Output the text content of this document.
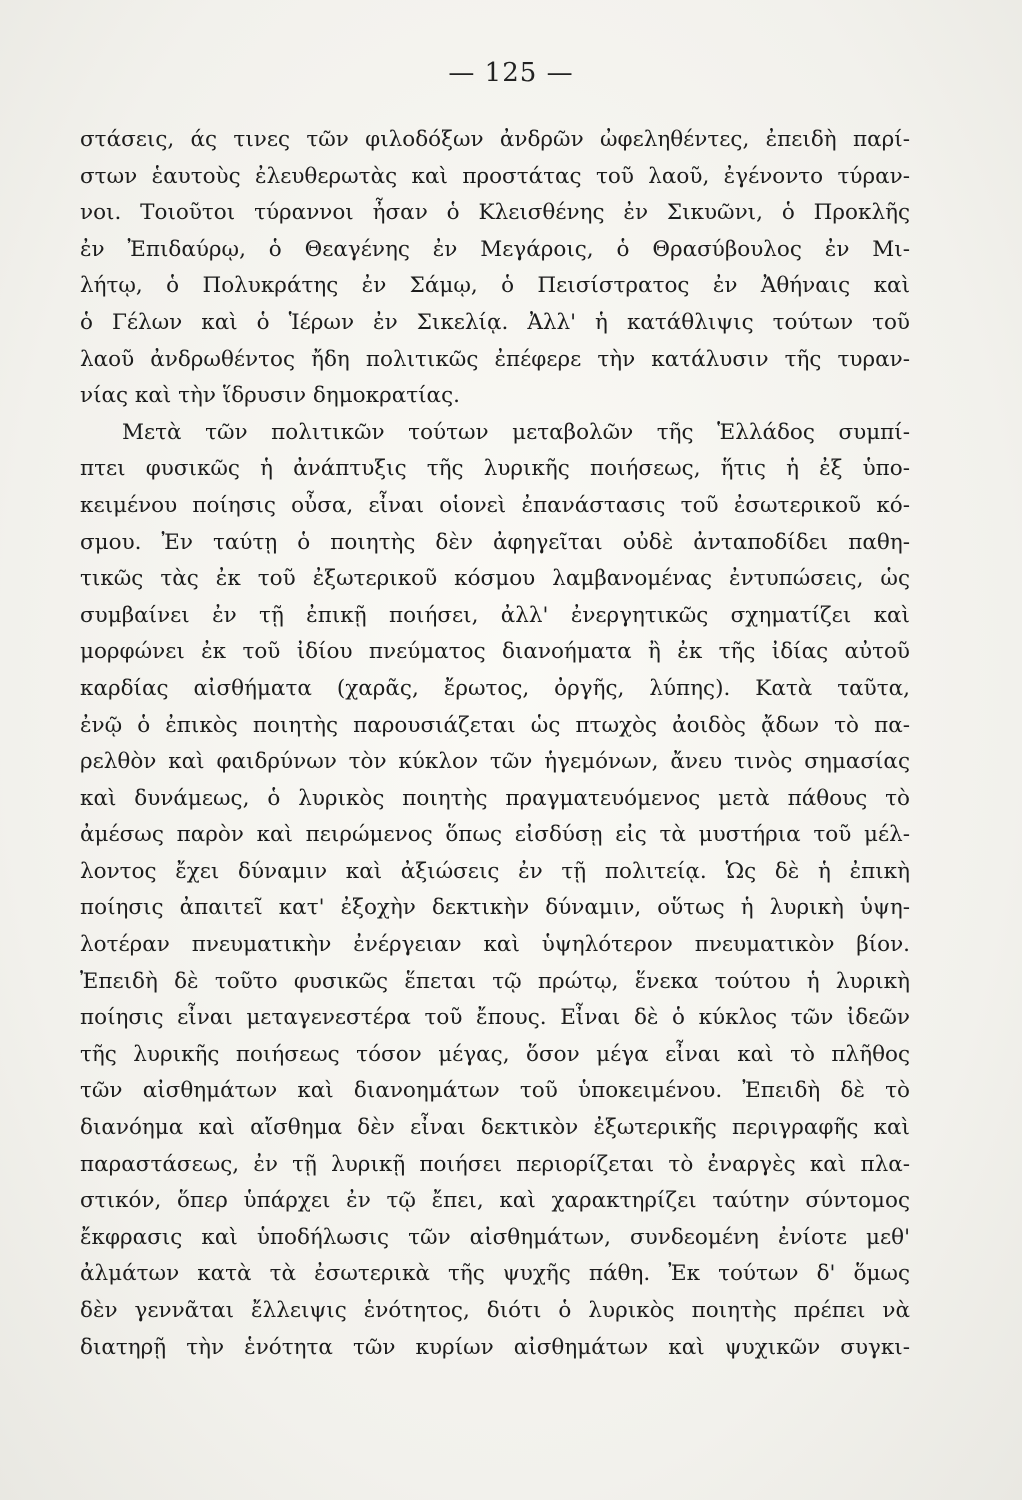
— 125 —
στάσεις, άς τινες τῶν φιλοδόξων ἀνδρῶν ὠφεληθέντες, ἐπειδὴ παρί-
στων ἑαυτοὺς ἐλευθερωτὰς καὶ προστάτας τοῦ λαοῦ, ἐγένοντο τύραν-
νοι. Τοιοῦτοι τύραννοι ἦσαν ὁ Κλεισθένης ἐν Σικυῶνι, ὁ Προκλῆς
ἐν Ἐπιδαύρῳ, ὁ Θεαγένης ἐν Μεγάροις, ὁ Θρασύβουλος ἐν Μι-
λήτῳ, ὁ Πολυκράτης ἐν Σάμῳ, ὁ Πεισίστρατος ἐν Ἀθήναις καὶ
ὁ Γέλων καὶ ὁ Ἱέρων ἐν Σικελίᾳ. Ἀλλ' ἡ κατάθλιψις τούτων τοῦ
λαοῦ ἀνδρωθέντος ἤδη πολιτικῶς ἐπέφερε τὴν κατάλυσιν τῆς τυραν-
νίας καὶ τὴν ἵδρυσιν δημοκρατίας.
Μετὰ τῶν πολιτικῶν τούτων μεταβολῶν τῆς Ἑλλάδος συμπί-
πτει φυσικῶς ἡ ἀνάπτυξις τῆς λυρικῆς ποιήσεως, ἥτις ἡ ἐξ ὑπο-
κειμένου ποίησις οὖσα, εἶναι οἱονεὶ ἐπανάστασις τοῦ ἐσωτερικοῦ κό-
σμου. Ἐν ταύτῃ ὁ ποιητὴς δὲν ἀφηγεῖται οὐδὲ ἀνταποδίδει παθη-
τικῶς τὰς ἐκ τοῦ ἐξωτερικοῦ κόσμου λαμβανομένας ἐντυπώσεις, ὡς
συμβαίνει ἐν τῇ ἐπικῇ ποιήσει, ἀλλ' ἐνεργητικῶς σχηματίζει καὶ
μορφώνει ἐκ τοῦ ἰδίου πνεύματος διανοήματα ἢ ἐκ τῆς ἰδίας αὐτοῦ
καρδίας αἰσθήματα (χαρᾶς, ἔρωτος, ὀργῆς, λύπης). Κατὰ ταῦτα,
ἐνῷ ὁ ἐπικὸς ποιητὴς παρουσιάζεται ὡς πτωχὸς ἀοιδὸς ᾄδων τὸ πα-
ρελθὸν καὶ φαιδρύνων τὸν κύκλον τῶν ἡγεμόνων, ἄνευ τινὸς σημασίας
καὶ δυνάμεως, ὁ λυρικὸς ποιητὴς πραγματευόμενος μετὰ πάθους τὸ
ἀμέσως παρὸν καὶ πειρώμενος ὅπως εἰσδύσῃ εἰς τὰ μυστήρια τοῦ μέλ-
λοντος ἔχει δύναμιν καὶ ἀξιώσεις ἐν τῇ πολιτείᾳ. Ὡς δὲ ἡ ἐπικὴ
ποίησις ἀπαιτεῖ κατ' ἐξοχὴν δεκτικὴν δύναμιν, οὕτως ἡ λυρικὴ ὑψη-
λοτέραν πνευματικὴν ἐνέργειαν καὶ ὑψηλότερον πνευματικὸν βίον.
Ἐπειδὴ δὲ τοῦτο φυσικῶς ἕπεται τῷ πρώτῳ, ἕνεκα τούτου ἡ λυρικὴ
ποίησις εἶναι μεταγενεστέρα τοῦ ἔπους. Εἶναι δὲ ὁ κύκλος τῶν ἰδεῶν
τῆς λυρικῆς ποιήσεως τόσον μέγας, ὅσον μέγα εἶναι καὶ τὸ πλῆθος
τῶν αἰσθημάτων καὶ διανοημάτων τοῦ ὑποκειμένου. Ἐπειδὴ δὲ τὸ
διανόημα καὶ αἴσθημα δὲν εἶναι δεκτικὸν ἐξωτερικῆς περιγραφῆς καὶ
παραστάσεως, ἐν τῇ λυρικῇ ποιήσει περιορίζεται τὸ ἐναργὲς καὶ πλα-
στικόν, ὅπερ ὑπάρχει ἐν τῷ ἔπει, καὶ χαρακτηρίζει ταύτην σύντομος
ἔκφρασις καὶ ὑποδήλωσις τῶν αἰσθημάτων, συνδεομένη ἐνίοτε μεθ'
ἀλμάτων κατὰ τὰ ἐσωτερικὰ τῆς ψυχῆς πάθη. Ἐκ τούτων δ' ὅμως
δὲν γεννᾶται ἔλλειψις ἑνότητος, διότι ὁ λυρικὸς ποιητὴς πρέπει νὰ
διατηρῇ τὴν ἑνότητα τῶν κυρίων αἰσθημάτων καὶ ψυχικῶν συγκι-
